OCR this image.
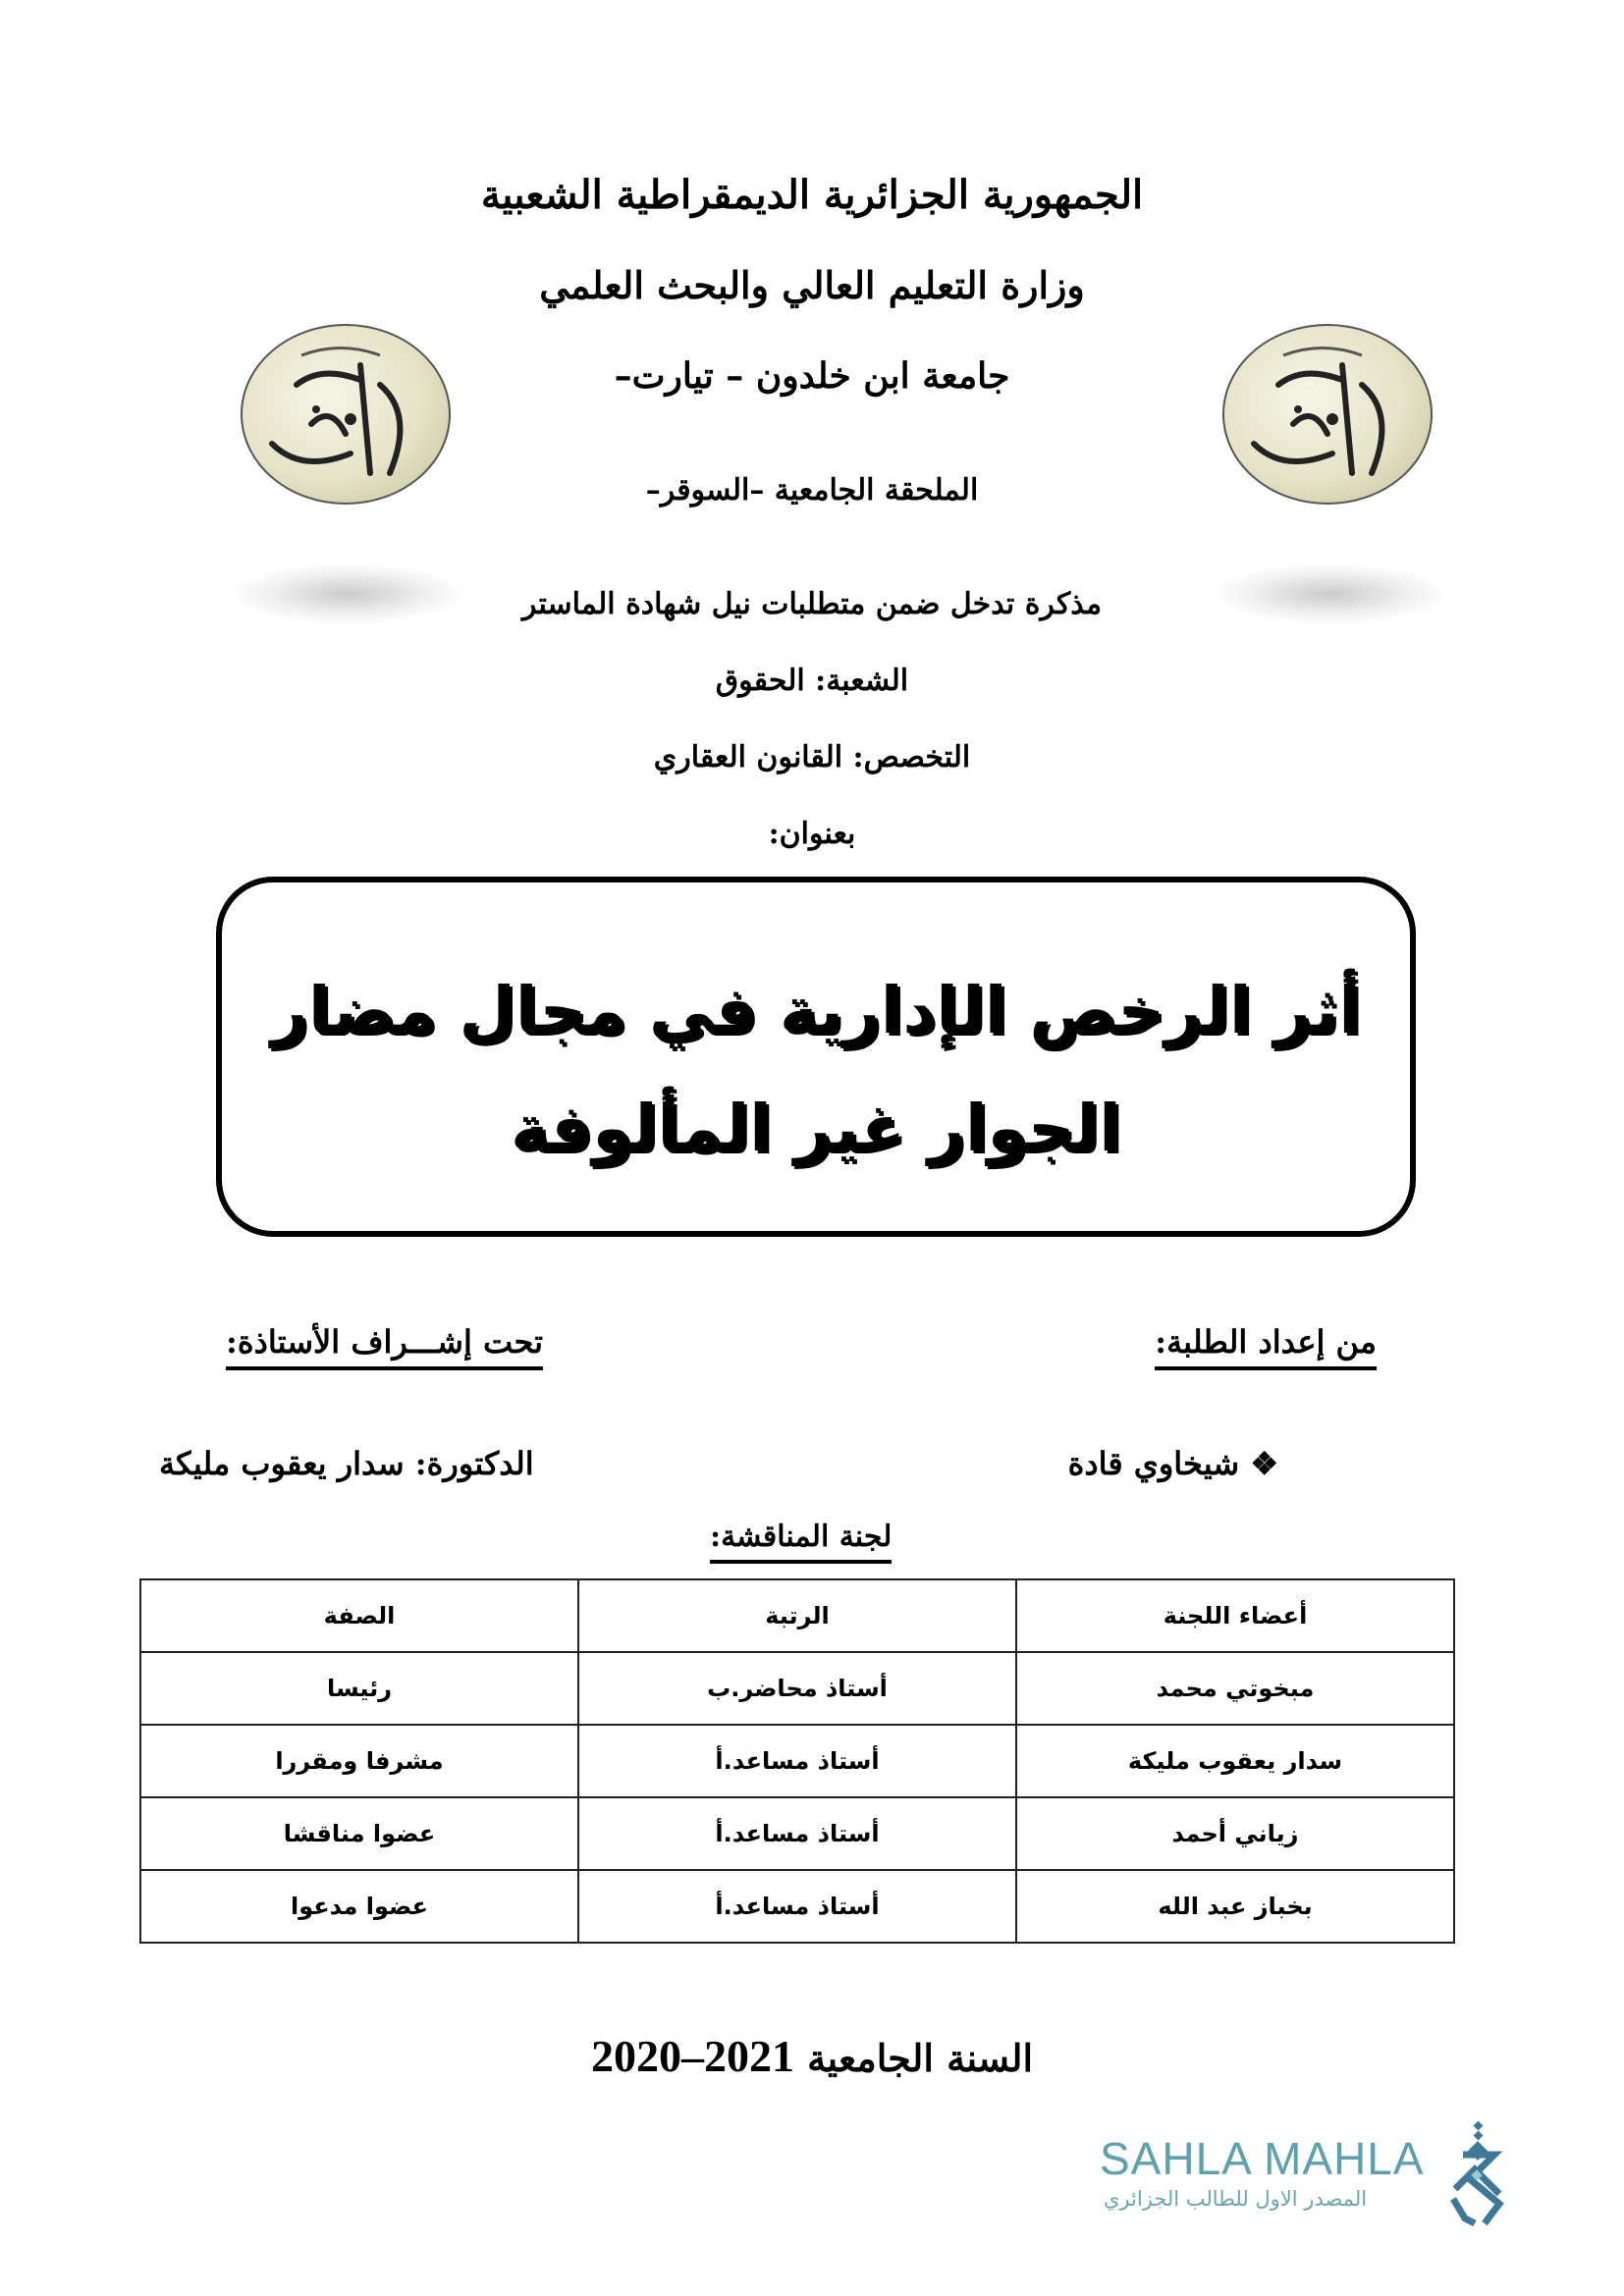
الجمهورية الجزائرية الديمقراطية الشعبية
وزارة التعليم العالي والبحث العلمي
جامعة ابن خلدون – تيارت–
الملحقة الجامعية –السوقر–
مذكرة تدخل ضمن متطلبات نيل شهادة الماستر
الشعبة: الحقوق
التخصص: القانون العقاري
بعنوان:
أثر الرخص الإدارية في مجال مضار
الجوار غير المألوفة
من إعداد الطلبة:
تحت إشـــراف الأستاذة:
❖ شيخاوي قادة
الدكتورة: سدار يعقوب مليكة
لجنة المناقشة:
أعضاء اللجنة	الرتبة	الصفة
مبخوتي محمد	أستاذ محاضر.ب	رئيسا
سدار يعقوب مليكة	أستاذ مساعد.أ	مشرفا ومقررا
زياني أحمد	أستاذ مساعد.أ	عضوا مناقشا
بخباز عبد الله	أستاذ مساعد.أ	عضوا مدعوا
السنة الجامعية 2020–2021
SAHLA MAHLA
المصدر الاول للطالب الجزائري
